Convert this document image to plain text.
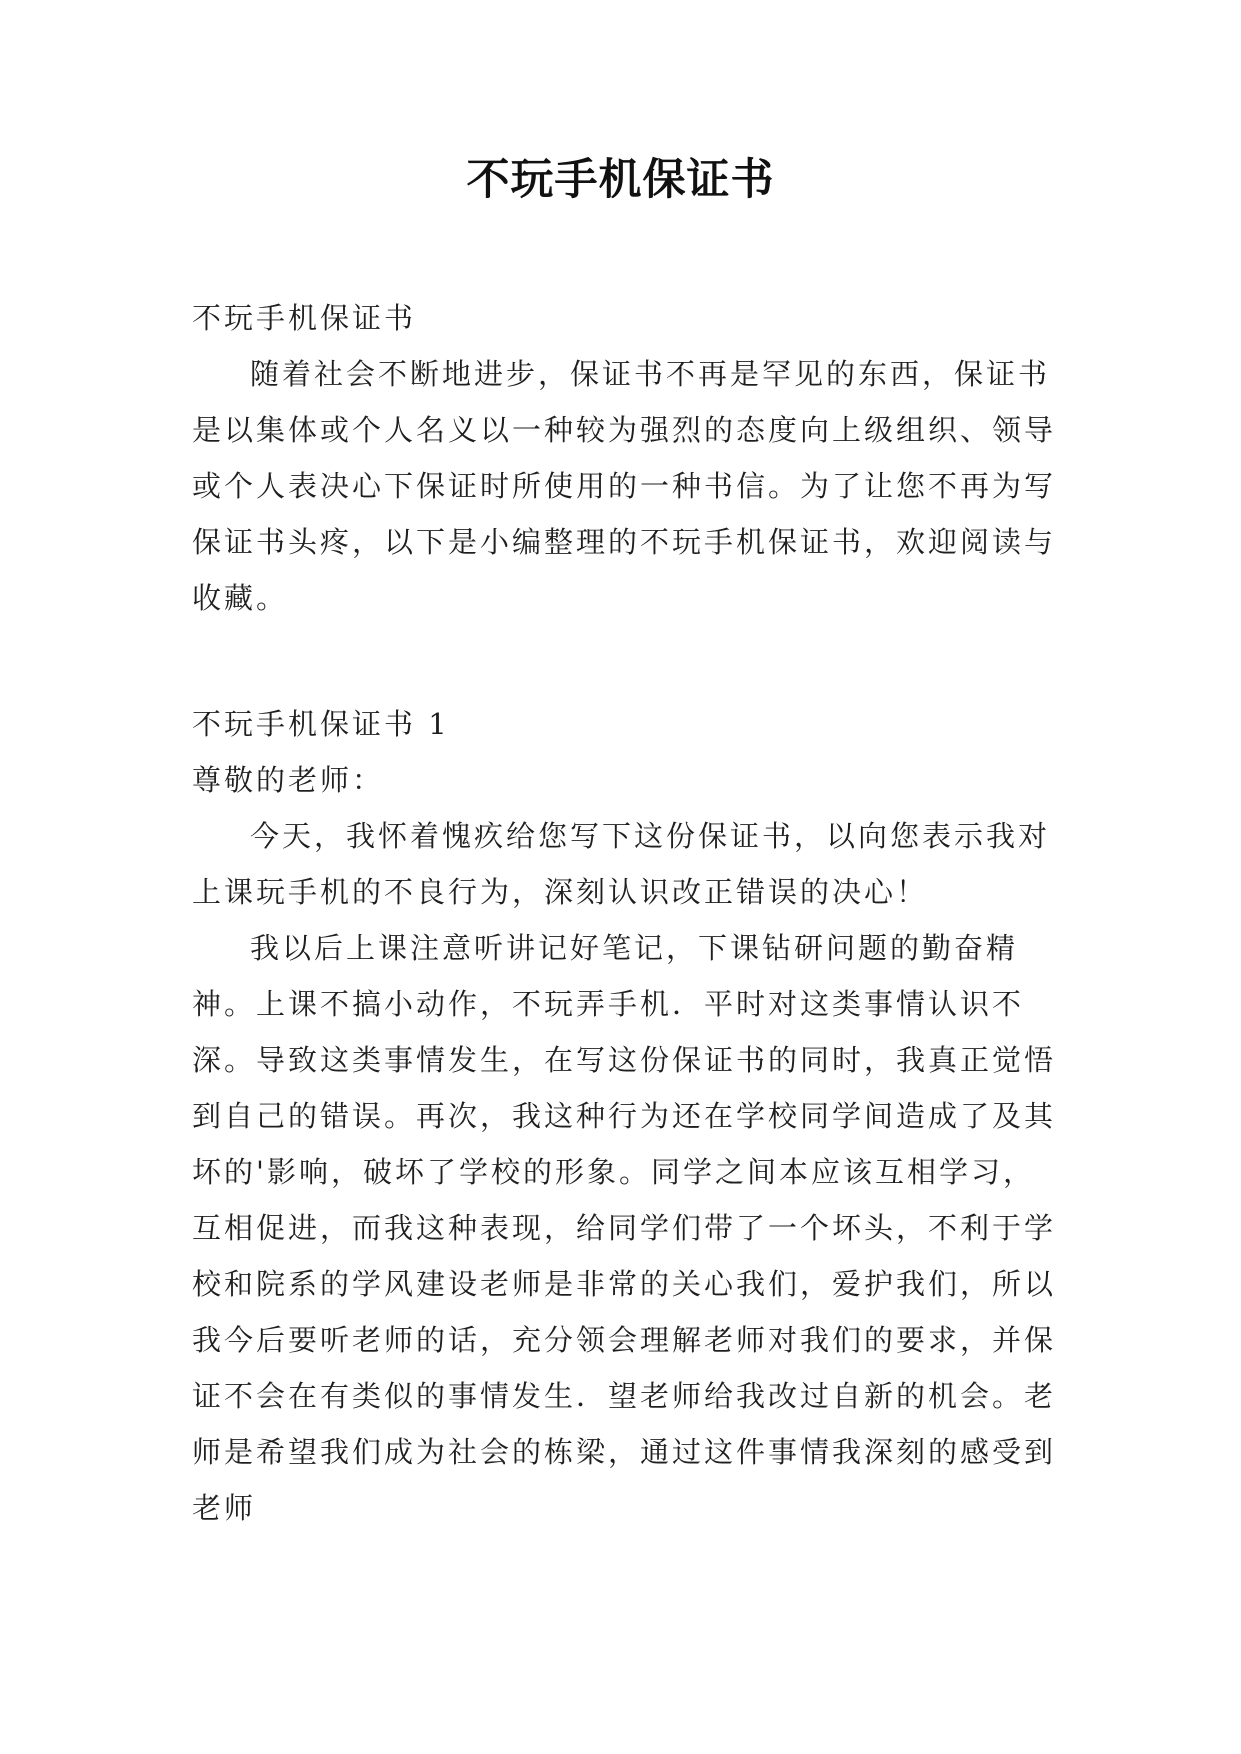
不玩手机保证书

不玩手机保证书

随着社会不断地进步，保证书不再是罕见的东西，保证书是以集体或个人名义以一种较为强烈的态度向上级组织、领导或个人表决心下保证时所使用的一种书信。为了让您不再为写保证书头疼，以下是小编整理的不玩手机保证书，欢迎阅读与收藏。

不玩手机保证书 1

尊敬的老师：

今天，我怀着愧疚给您写下这份保证书，以向您表示我对上课玩手机的不良行为，深刻认识改正错误的决心！

我以后上课注意听讲记好笔记，下课钻研问题的勤奋精神。上课不搞小动作，不玩弄手机．平时对这类事情认识不深。导致这类事情发生，在写这份保证书的同时，我真正觉悟到自己的错误。再次，我这种行为还在学校同学间造成了及其坏的'影响，破坏了学校的形象。同学之间本应该互相学习，互相促进，而我这种表现，给同学们带了一个坏头，不利于学校和院系的学风建设老师是非常的关心我们，爱护我们，所以我今后要听老师的话，充分领会理解老师对我们的要求，并保证不会在有类似的事情发生．望老师给我改过自新的机会。老师是希望我们成为社会的栋梁，通过这件事情我深刻的感受到老师
